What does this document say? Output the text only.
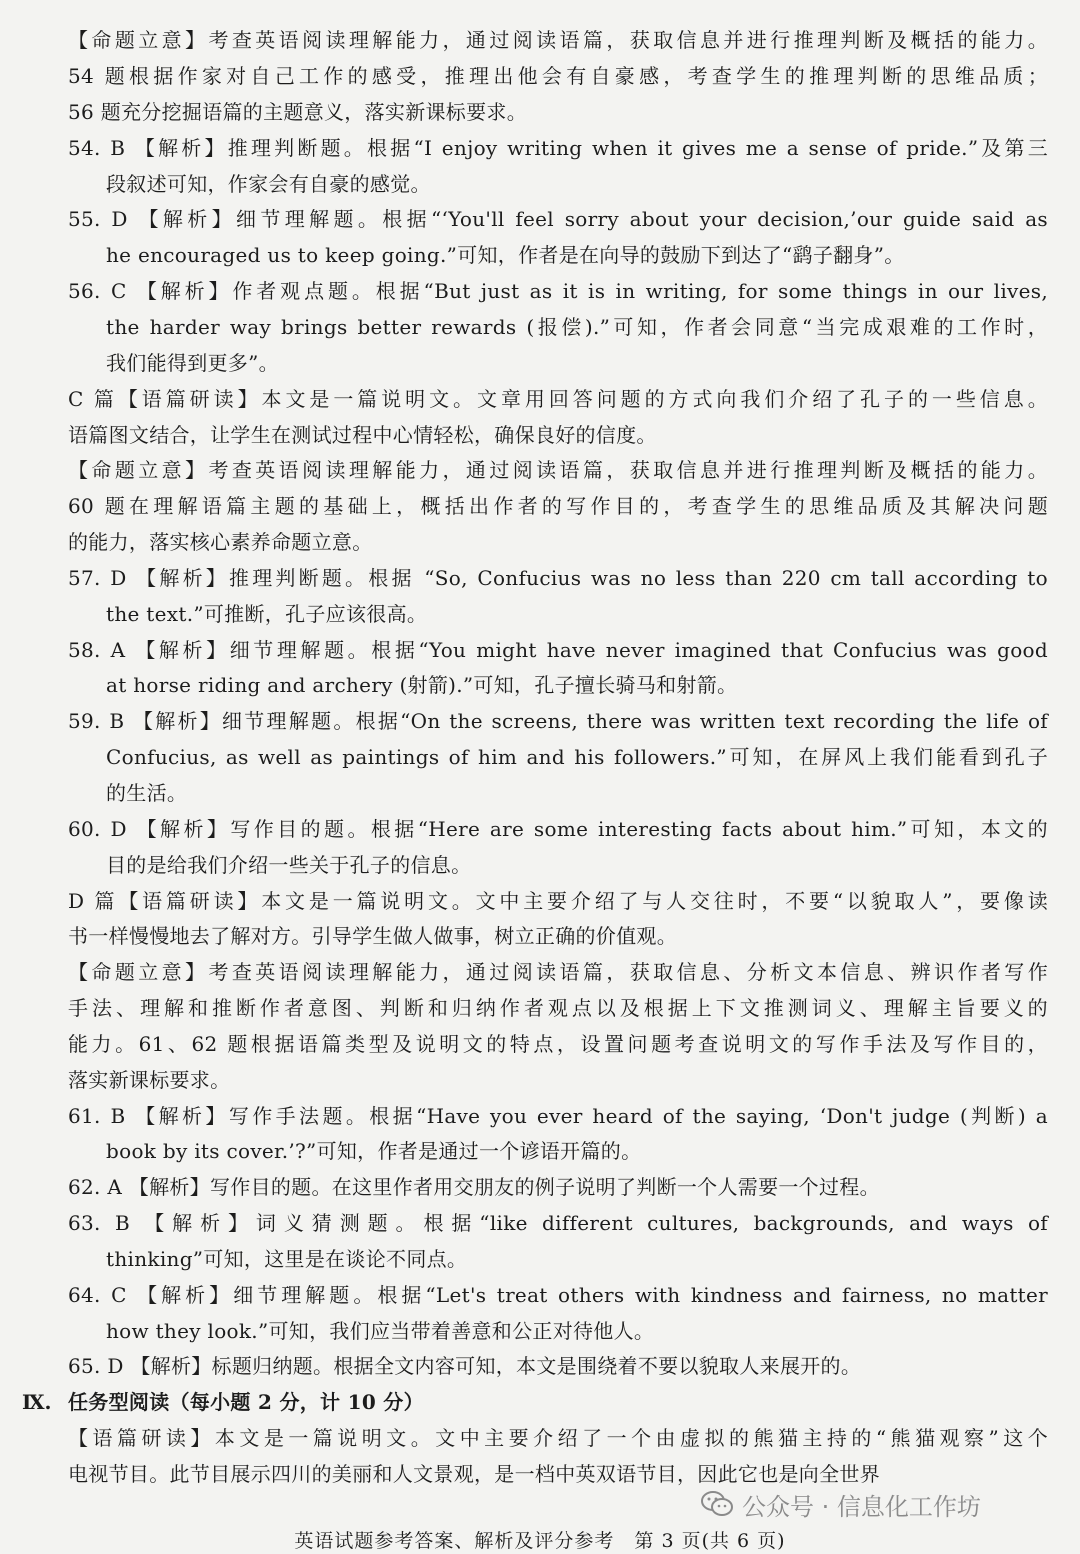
【命题立意】考查英语阅读理解能力，通过阅读语篇，获取信息并进行推理判断及概括的能力。
54 题根据作家对自己工作的感受，推理出他会有自豪感，考查学生的推理判断的思维品质；
56 题充分挖掘语篇的主题意义，落实新课标要求。
54. B 【解析】推理判断题。根据“I enjoy writing when it gives me a sense of pride.”及第三
段叙述可知，作家会有自豪的感觉。
55. D 【解析】细节理解题。根据“‘You'll feel sorry about your decision,’our guide said as
he encouraged us to keep going.”可知，作者是在向导的鼓励下到达了“鹞子翻身”。
56. C 【解析】作者观点题。根据“But just as it is in writing, for some things in our lives,
the harder way brings better rewards (报偿).”可知，作者会同意“当完成艰难的工作时，
我们能得到更多”。
C 篇【语篇研读】本文是一篇说明文。文章用回答问题的方式向我们介绍了孔子的一些信息。
语篇图文结合，让学生在测试过程中心情轻松，确保良好的信度。
【命题立意】考查英语阅读理解能力，通过阅读语篇，获取信息并进行推理判断及概括的能力。
60 题在理解语篇主题的基础上，概括出作者的写作目的，考查学生的思维品质及其解决问题
的能力，落实核心素养命题立意。
57. D 【解析】推理判断题。根据 “So, Confucius was no less than 220 cm tall according to
the text.”可推断，孔子应该很高。
58. A 【解析】细节理解题。根据“You might have never imagined that Confucius was good
at horse riding and archery (射箭).”可知，孔子擅长骑马和射箭。
59. B 【解析】细节理解题。根据“On the screens, there was written text recording the life of
Confucius, as well as paintings of him and his followers.”可知，在屏风上我们能看到孔子
的生活。
60. D 【解析】写作目的题。根据“Here are some interesting facts about him.”可知，本文的
目的是给我们介绍一些关于孔子的信息。
D 篇【语篇研读】本文是一篇说明文。文中主要介绍了与人交往时，不要“以貌取人”，要像读
书一样慢慢地去了解对方。引导学生做人做事，树立正确的价值观。
【命题立意】考查英语阅读理解能力，通过阅读语篇，获取信息、分析文本信息、辨识作者写作
手法、理解和推断作者意图、判断和归纳作者观点以及根据上下文推测词义、理解主旨要义的
能力。61、62 题根据语篇类型及说明文的特点，设置问题考查说明文的写作手法及写作目的，
落实新课标要求。
61. B 【解析】写作手法题。根据“Have you ever heard of the saying, ‘Don't judge (判断) a
book by its cover.’?”可知，作者是通过一个谚语开篇的。
62. A 【解析】写作目的题。在这里作者用交朋友的例子说明了判断一个人需要一个过程。
63. B 【解析】词义猜测题。根据“like different cultures, backgrounds, and ways of
thinking”可知，这里是在谈论不同点。
64. C 【解析】细节理解题。根据“Let's treat others with kindness and fairness, no matter
how they look.”可知，我们应当带着善意和公正对待他人。
65. D 【解析】标题归纳题。根据全文内容可知，本文是围绕着不要以貌取人来展开的。
Ⅸ. 任务型阅读（每小题 2 分，计 10 分）
【语篇研读】本文是一篇说明文。文中主要介绍了一个由虚拟的熊猫主持的“熊猫观察”这个
电视节目。此节目展示四川的美丽和人文景观，是一档中英双语节目，因此它也是向全世界
公众号 · 信息化工作坊
英语试题参考答案、解析及评分参考　第 3 页(共 6 页)
